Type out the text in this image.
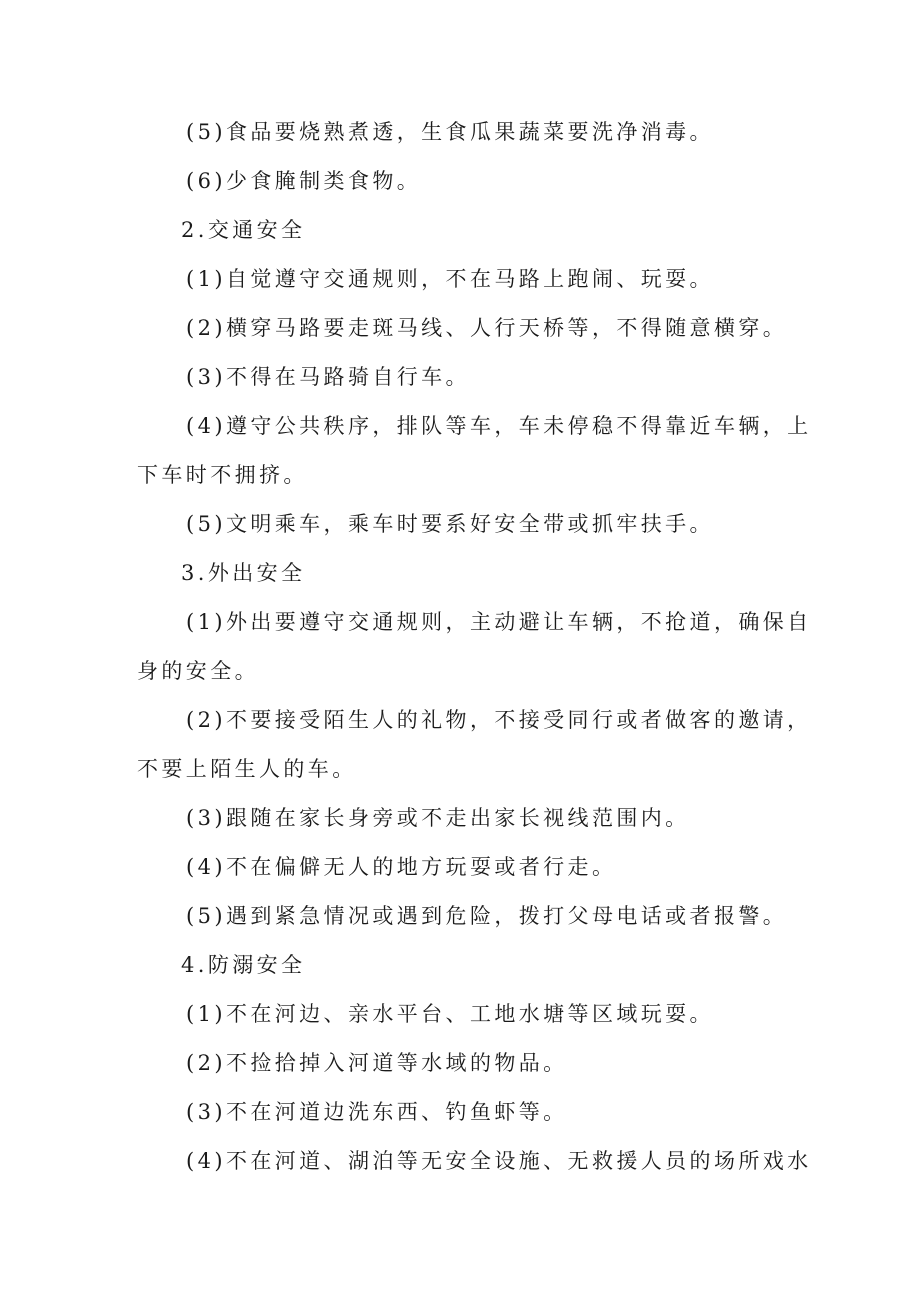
(5)食品要烧熟煮透，生食瓜果蔬菜要洗净消毒。

(6)少食腌制类食物。

2.交通安全

(1)自觉遵守交通规则，不在马路上跑闹、玩耍。

(2)横穿马路要走斑马线、人行天桥等，不得随意横穿。

(3)不得在马路骑自行车。

(4)遵守公共秩序，排队等车，车未停稳不得靠近车辆，上

下车时不拥挤。

(5)文明乘车，乘车时要系好安全带或抓牢扶手。

3.外出安全

(1)外出要遵守交通规则，主动避让车辆，不抢道，确保自

身的安全。

(2)不要接受陌生人的礼物，不接受同行或者做客的邀请，

不要上陌生人的车。

(3)跟随在家长身旁或不走出家长视线范围内。

(4)不在偏僻无人的地方玩耍或者行走。

(5)遇到紧急情况或遇到危险，拨打父母电话或者报警。

4.防溺安全

(1)不在河边、亲水平台、工地水塘等区域玩耍。

(2)不捡拾掉入河道等水域的物品。

(3)不在河道边洗东西、钓鱼虾等。

(4)不在河道、湖泊等无安全设施、无救援人员的场所戏水
